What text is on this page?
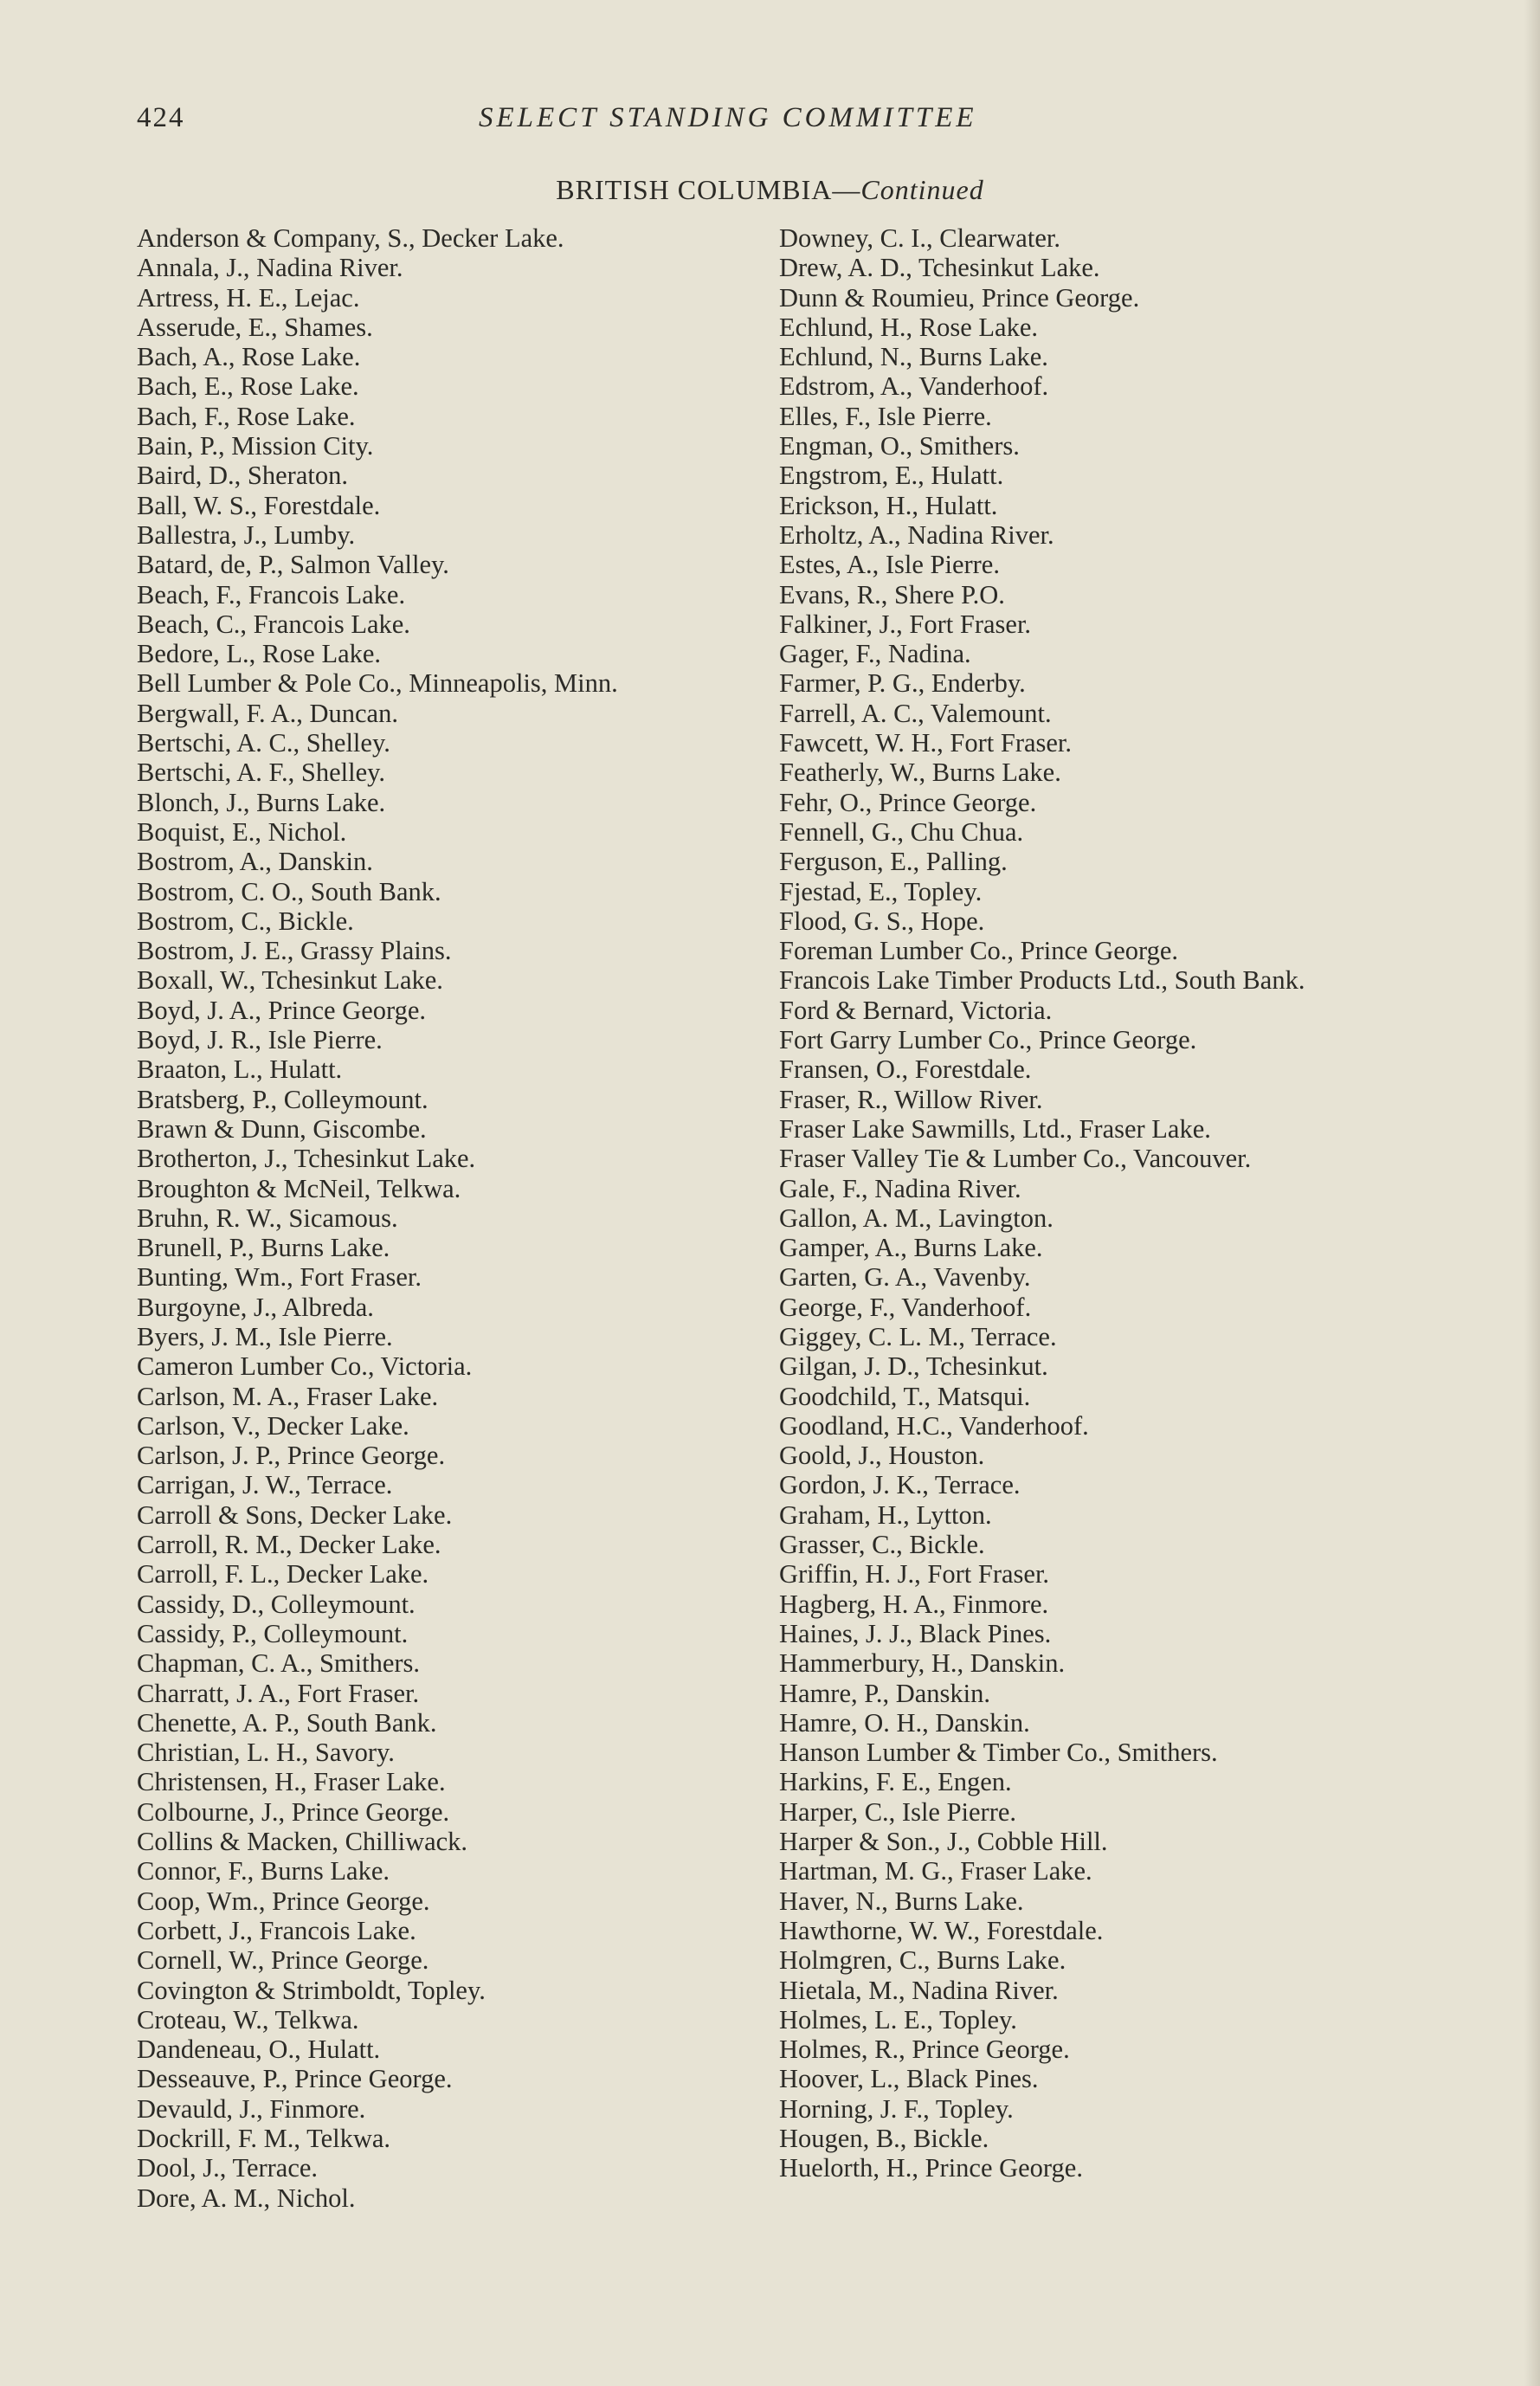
424	SELECT STANDING COMMITTEE
BRITISH COLUMBIA—Continued
Anderson & Company, S., Decker Lake.
Annala, J., Nadina River.
Artress, H. E., Lejac.
Asserude, E., Shames.
Bach, A., Rose Lake.
Bach, E., Rose Lake.
Bach, F., Rose Lake.
Bain, P., Mission City.
Baird, D., Sheraton.
Ball, W. S., Forestdale.
Ballestra, J., Lumby.
Batard, de, P., Salmon Valley.
Beach, F., Francois Lake.
Beach, C., Francois Lake.
Bedore, L., Rose Lake.
Bell Lumber & Pole Co., Minneapolis, Minn.
Bergwall, F. A., Duncan.
Bertschi, A. C., Shelley.
Bertschi, A. F., Shelley.
Blonch, J., Burns Lake.
Boquist, E., Nichol.
Bostrom, A., Danskin.
Bostrom, C. O., South Bank.
Bostrom, C., Bickle.
Bostrom, J. E., Grassy Plains.
Boxall, W., Tchesinkut Lake.
Boyd, J. A., Prince George.
Boyd, J. R., Isle Pierre.
Braaton, L., Hulatt.
Bratsberg, P., Colleymount.
Brawn & Dunn, Giscombe.
Brotherton, J., Tchesinkut Lake.
Broughton & McNeil, Telkwa.
Bruhn, R. W., Sicamous.
Brunell, P., Burns Lake.
Bunting, Wm., Fort Fraser.
Burgoyne, J., Albreda.
Byers, J. M., Isle Pierre.
Cameron Lumber Co., Victoria.
Carlson, M. A., Fraser Lake.
Carlson, V., Decker Lake.
Carlson, J. P., Prince George.
Carrigan, J. W., Terrace.
Carroll & Sons, Decker Lake.
Carroll, R. M., Decker Lake.
Carroll, F. L., Decker Lake.
Cassidy, D., Colleymount.
Cassidy, P., Colleymount.
Chapman, C. A., Smithers.
Charratt, J. A., Fort Fraser.
Chenette, A. P., South Bank.
Christian, L. H., Savory.
Christensen, H., Fraser Lake.
Colbourne, J., Prince George.
Collins & Macken, Chilliwack.
Connor, F., Burns Lake.
Coop, Wm., Prince George.
Corbett, J., Francois Lake.
Cornell, W., Prince George.
Covington & Strimboldt, Topley.
Croteau, W., Telkwa.
Dandeneau, O., Hulatt.
Desseauve, P., Prince George.
Devauld, J., Finmore.
Dockrill, F. M., Telkwa.
Dool, J., Terrace.
Dore, A. M., Nichol.
Downey, C. I., Clearwater.
Drew, A. D., Tchesinkut Lake.
Dunn & Roumieu, Prince George.
Echlund, H., Rose Lake.
Echlund, N., Burns Lake.
Edstrom, A., Vanderhoof.
Elles, F., Isle Pierre.
Engman, O., Smithers.
Engstrom, E., Hulatt.
Erickson, H., Hulatt.
Erholtz, A., Nadina River.
Estes, A., Isle Pierre.
Evans, R., Shere P.O.
Falkiner, J., Fort Fraser.
Gager, F., Nadina.
Farmer, P. G., Enderby.
Farrell, A. C., Valemount.
Fawcett, W. H., Fort Fraser.
Featherly, W., Burns Lake.
Fehr, O., Prince George.
Fennell, G., Chu Chua.
Ferguson, E., Palling.
Fjestad, E., Topley.
Flood, G. S., Hope.
Foreman Lumber Co., Prince George.
Francois Lake Timber Products Ltd., South Bank.
Ford & Bernard, Victoria.
Fort Garry Lumber Co., Prince George.
Fransen, O., Forestdale.
Fraser, R., Willow River.
Fraser Lake Sawmills, Ltd., Fraser Lake.
Fraser Valley Tie & Lumber Co., Vancouver.
Gale, F., Nadina River.
Gallon, A. M., Lavington.
Gamper, A., Burns Lake.
Garten, G. A., Vavenby.
George, F., Vanderhoof.
Giggey, C. L. M., Terrace.
Gilgan, J. D., Tchesinkut.
Goodchild, T., Matsqui.
Goodland, H.C., Vanderhoof.
Goold, J., Houston.
Gordon, J. K., Terrace.
Graham, H., Lytton.
Grasser, C., Bickle.
Griffin, H. J., Fort Fraser.
Hagberg, H. A., Finmore.
Haines, J. J., Black Pines.
Hammerbury, H., Danskin.
Hamre, P., Danskin.
Hamre, O. H., Danskin.
Hanson Lumber & Timber Co., Smithers.
Harkins, F. E., Engen.
Harper, C., Isle Pierre.
Harper & Son., J., Cobble Hill.
Hartman, M. G., Fraser Lake.
Haver, N., Burns Lake.
Hawthorne, W. W., Forestdale.
Holmgren, C., Burns Lake.
Hietala, M., Nadina River.
Holmes, L. E., Topley.
Holmes, R., Prince George.
Hoover, L., Black Pines.
Horning, J. F., Topley.
Hougen, B., Bickle.
Huelorth, H., Prince George.
